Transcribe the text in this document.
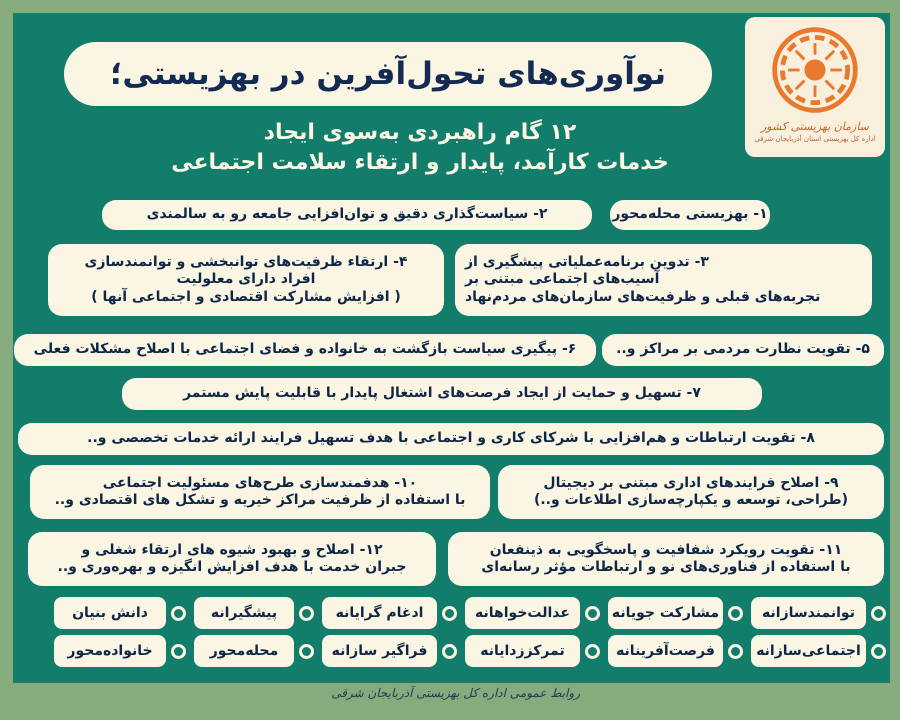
سازمان بهزیستی کشور
اداره کل بهزیستی استان آذربایجان شرقی
نوآوری‌های تحول‌آفرین در بهزیستی؛
۱۲ گام راهبردی به‌سوی ایجاد
خدمات کارآمد، پایدار و ارتقاء سلامت اجتماعی
۱- بهزیستی محله‌محور
۲- سیاست‌گذاری دقیق و توان‌افزایی جامعه رو به سالمندی
۳- تدوین برنامه‌عملیاتی پیشگیری از
آسیب‌های اجتماعی مبتنی بر
تجربه‌های قبلی و ظرفیت‌های سازمان‌های مردم‌نهاد
۴- ارتقاء ظرفیت‌های توانبخشی و توانمندسازی
افراد دارای معلولیت
( افزایش مشارکت اقتصادی و اجتماعی آنها )
۵- تقویت نظارت مردمی بر مراکز و..
۶- پیگیری سیاست بازگشت به خانواده و فضای اجتماعی با اصلاح مشکلات فعلی
۷- تسهیل و حمایت از ایجاد فرصت‌های اشتغال پایدار با قابلیت پایش مستمر
۸- تقویت ارتباطات و هم‌افزایی با شرکای کاری و اجتماعی با هدف تسهیل فرایند ارائه خدمات تخصصی و..
۹- اصلاح فرایندهای اداری مبتنی بر دیجیتال
(طراحی، توسعه و یکپارچه‌سازی اطلاعات و..)
۱۰- هدفمندسازی طرح‌های مسئولیت اجتماعی
با استفاده از ظرفیت مراکز خیریه و تشکل های اقتصادی و..
۱۱- تقویت رویکرد شفافیت و پاسخگویی به ذینفعان
با استفاده از فناوری‌های نو و ارتباطات مؤثر رسانه‌ای
۱۲- اصلاح و بهبود شیوه های ارتقاء شغلی و
جبران خدمت با هدف افزایش انگیزه و بهره‌وری و..
توانمندسازانه
مشارکت جویانه
عدالت‌خواهانه
ادغام گرایانه
پیشگیرانه
دانش بنیان
اجتماعی‌سازانه
فرصت‌آفرینانه
تمرکززدایانه
فراگیر سازانه
محله‌محور
خانواده‌محور
روابط عمومی اداره کل بهزیستی آذربایجان شرقی
